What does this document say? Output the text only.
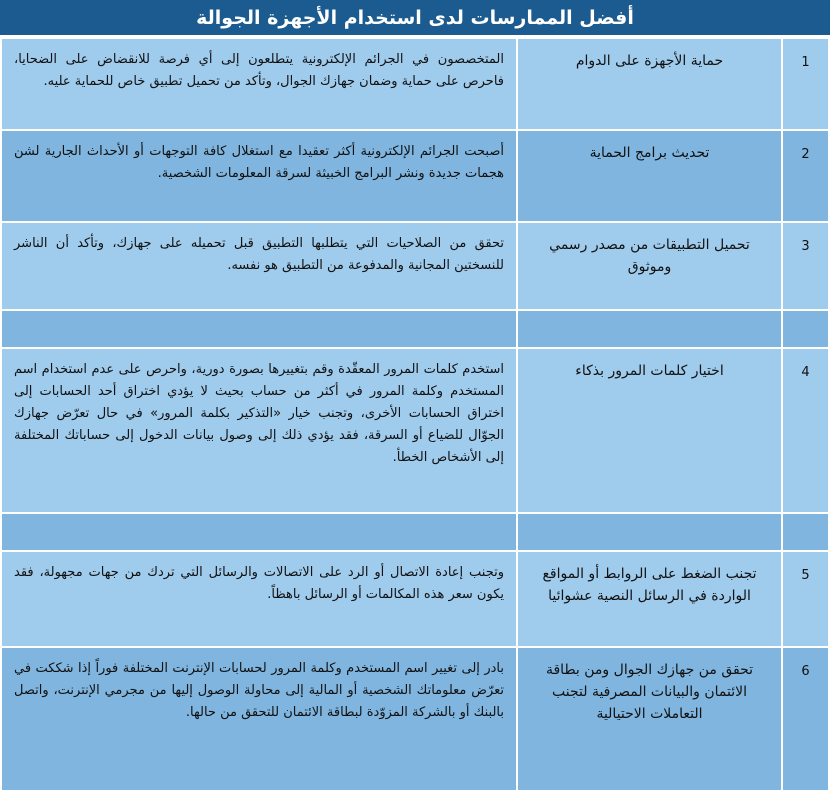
أفضل الممارسات لدى استخدام الأجهزة الجوالة
1	حماية الأجهزة على الدوام	المتخصصون في الجرائم الإلكترونية يتطلعون إلى أي فرصة للانقضاض على الضحايا، فاحرص على حماية وضمان جهازك الجوال، وتأكد من تحميل تطبيق خاص للحماية عليه.
2	تحديث برامج الحماية	أصبحت الجرائم الإلكترونية أكثر تعقيدا مع استغلال كافة التوجهات أو الأحداث الجارية لشن هجمات جديدة ونشر البرامج الخبيثة لسرقة المعلومات الشخصية.
3	تحميل التطبيقات من مصدر رسمي وموثوق	تحقق من الصلاحيات التي يتطلبها التطبيق قبل تحميله على جهازك، وتأكد أن الناشر للنسختين المجانية والمدفوعة من التطبيق هو نفسه.

4	اختيار كلمات المرور بذكاء	استخدم كلمات المرور المعقّدة وقم بتغييرها بصورة دورية، واحرص على عدم استخدام اسم المستخدم وكلمة المرور في أكثر من حساب بحيث لا يؤدي اختراق أحد الحسابات إلى اختراق الحسابات الأخرى، وتجنب خيار «التذكير بكلمة المرور» في حال تعرّض جهازك الجوّال للضياع أو السرقة، فقد يؤدي ذلك إلى وصول بيانات الدخول إلى حساباتك المختلفة إلى الأشخاص الخطأ.

5	تجنب الضغط على الروابط أو المواقع الواردة في الرسائل النصية عشوائيا	وتجنب إعادة الاتصال أو الرد على الاتصالات والرسائل التي تردك من جهات مجهولة، فقد يكون سعر هذه المكالمات أو الرسائل باهظاً.
6	تحقق من جهازك الجوال ومن بطاقة الائتمان والبيانات المصرفية لتجنب التعاملات الاحتيالية	بادر إلى تغيير اسم المستخدم وكلمة المرور لحسابات الإنترنت المختلفة فوراً إذا شككت في تعرّض معلوماتك الشخصية أو المالية إلى محاولة الوصول إليها من مجرمي الإنترنت، واتصل بالبنك أو بالشركة المزوّدة لبطاقة الائتمان للتحقق من حالها.
